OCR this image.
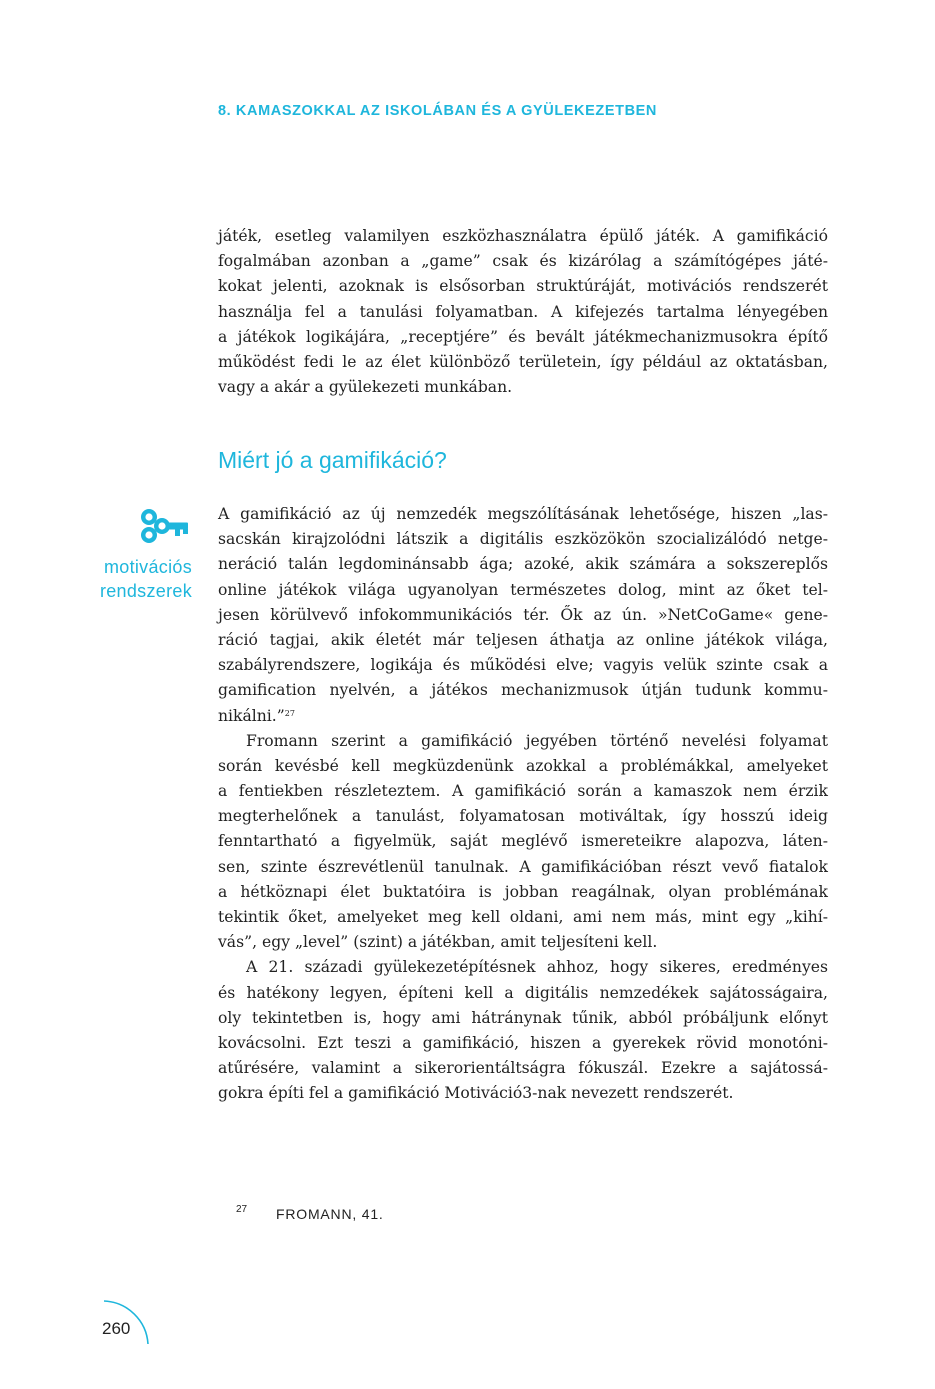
8. KAMASZOKKAL AZ ISKOLÁBAN ÉS A GYÜLEKEZETBEN
játék, esetleg valamilyen eszközhasználatra épülő játék. A gamifikáció
fogalmában azonban a „game” csak és kizárólag a számítógépes játé-
kokat jelenti, azoknak is elsősorban struktúráját, motivációs rendszerét
használja fel a tanulási folyamatban. A kifejezés tartalma lényegében
a játékok logikájára, „receptjére” és bevált játékmechanizmusokra építő
működést fedi le az élet különböző területein, így például az oktatásban,
vagy a akár a gyülekezeti munkában.
Miért jó a gamifikáció?
motivációs
rendszerek
A gamifikáció az új nemzedék megszólításának lehetősége, hiszen „las-
sacskán kirajzolódni látszik a digitális eszközökön szocializálódó netge-
neráció talán legdominánsabb ága; azoké, akik számára a sokszereplős
online játékok világa ugyanolyan természetes dolog, mint az őket tel-
jesen körülvevő infokommunikációs tér. Ők az ún. »NetCoGame« gene-
ráció tagjai, akik életét már teljesen áthatja az online játékok világa,
szabályrendszere, logikája és működési elve; vagyis velük szinte csak a
gamification nyelvén, a játékos mechanizmusok útján tudunk kommu-
nikálni.”$^{27}$
Fromann szerint a gamifikáció jegyében történő nevelési folyamat
során kevésbé kell megküzdenünk azokkal a problémákkal, amelyeket
a fentiekben részleteztem. A gamifikáció során a kamaszok nem érzik
megterhelőnek a tanulást, folyamatosan motiváltak, így hosszú ideig
fenntartható a figyelmük, saját meglévő ismereteikre alapozva, láten-
sen, szinte észrevétlenül tanulnak. A gamifikációban részt vevő fiatalok
a hétköznapi élet buktatóira is jobban reagálnak, olyan problémának
tekintik őket, amelyeket meg kell oldani, ami nem más, mint egy „kihí-
vás”, egy „level” (szint) a játékban, amit teljesíteni kell.
A 21. századi gyülekezetépítésnek ahhoz, hogy sikeres, eredményes
és hatékony legyen, építeni kell a digitális nemzedékek sajátosságaira,
oly tekintetben is, hogy ami hátránynak tűnik, abból próbáljunk előnyt
kovácsolni. Ezt teszi a gamifikáció, hiszen a gyerekek rövid monotóni-
atűrésére, valamint a sikerorientáltságra fókuszál. Ezekre a sajátossá-
gokra építi fel a gamifikáció Motiváció3-nak nevezett rendszerét.
27 FROMANN, 41.
260
